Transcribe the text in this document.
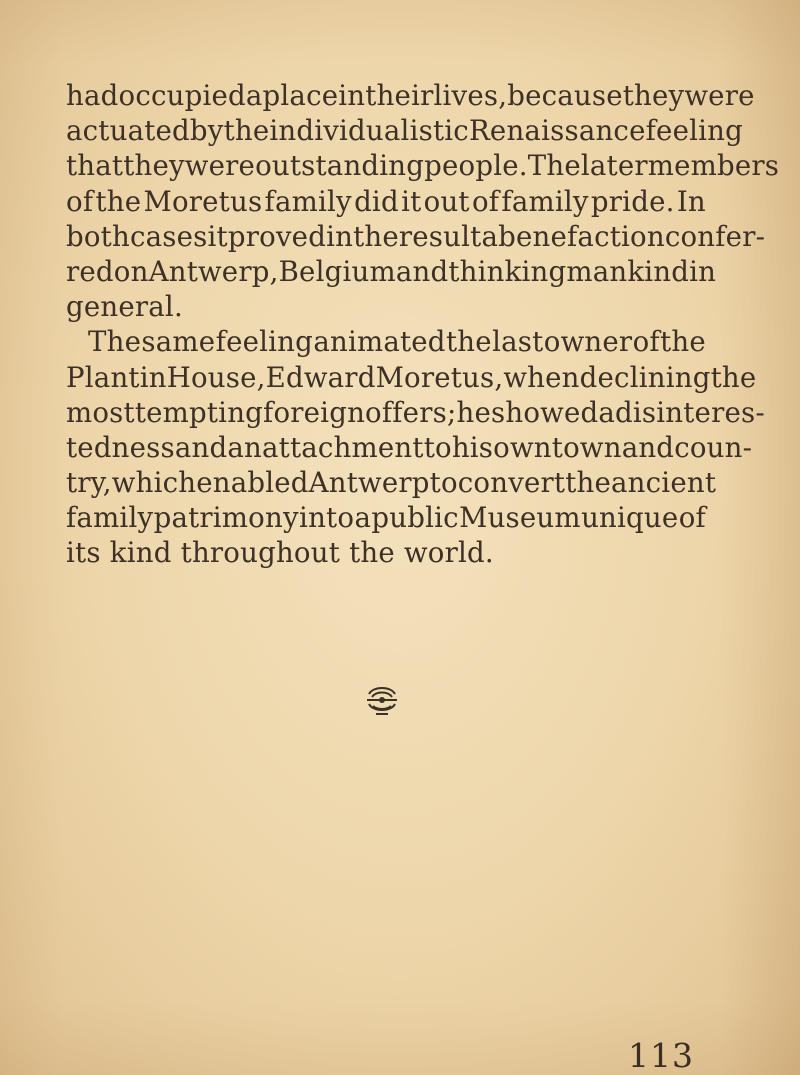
had occupied a place in their lives, because they were
actuated by the individualistic Renaissance feeling
that they were outstanding people. The later members
of the Moretus family did it out of family pride. In
both cases it proved in the result a benefaction confer-
red on Antwerp, Belgium and thinking mankind in
general.
The same feeling animated the last owner of the
Plantin House, Edward Moretus, when declining the
most tempting foreign offers; he showed a disinteres-
tedness and an attachment to his own town and coun-
try, which enabled Antwerp to convert the ancient
family patrimony into a public Museum unique of
its kind throughout the world.
113
